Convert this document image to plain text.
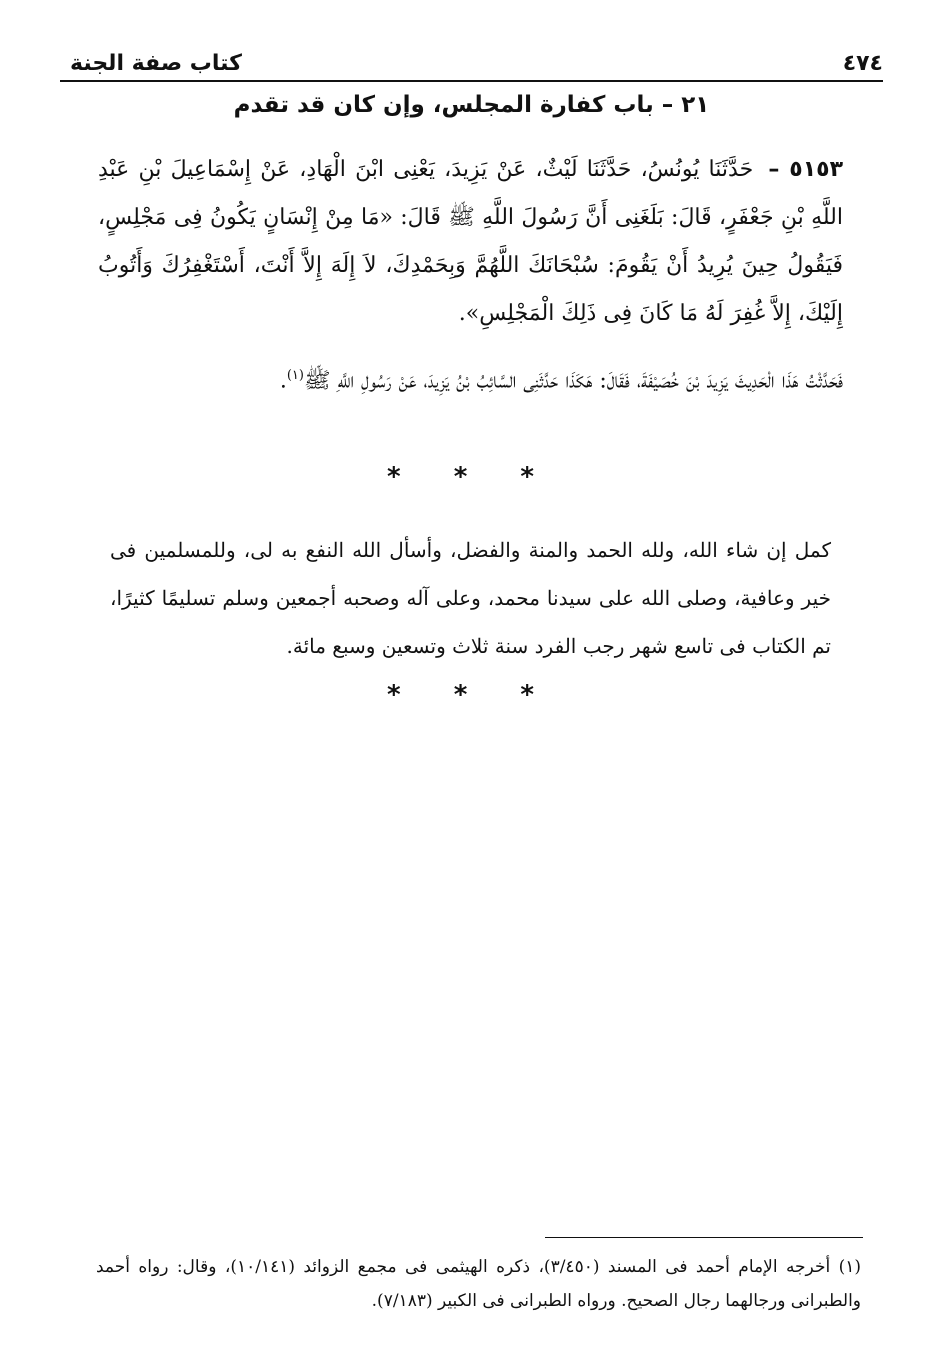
٤٧٤
كتاب صفة الجنة
٢١ – باب كفارة المجلس، وإن كان قد تقدم

٥١٥٣ – حَدَّثَنَا يُونُسُ، حَدَّثَنَا لَيْثٌ، عَنْ يَزِيدَ، يَعْنِى ابْنَ الْهَادِ، عَنْ إِسْمَاعِيلَ بْنِ عَبْدِ اللَّهِ بْنِ جَعْفَرٍ، قَالَ: بَلَغَنِى أَنَّ رَسُولَ اللَّهِ ﷺ قَالَ: «مَا مِنْ إِنْسَانٍ يَكُونُ فِى مَجْلِسٍ، فَيَقُولُ حِينَ يُرِيدُ أَنْ يَقُومَ: سُبْحَانَكَ اللَّهُمَّ وَبِحَمْدِكَ، لاَ إِلَهَ إِلاَّ أَنْتَ، أَسْتَغْفِرُكَ وَأَتُوبُ إِلَيْكَ، إِلاَّ غُفِرَ لَهُ مَا كَانَ فِى ذَلِكَ الْمَجْلِسِ».

فَحَدَّثْتُ هَذَا الْحَدِيثَ يَزِيدَ بْنَ خُصَيْفَةَ، فَقَالَ: هَكَذَا حَدَّثَنِى السَّائِبُ بْنُ يَزِيدَ، عَنْ رَسُولِ اللَّهِ ﷺ$^{(١)}$.

* * *

كمل إن شاء الله، ولله الحمد والمنة والفضل، وأسأل الله النفع به لى، وللمسلمين فى خير وعافية، وصلى الله على سيدنا محمد، وعلى آله وصحبه أجمعين وسلم تسليمًا كثيرًا، تم الكتاب فى تاسع شهر رجب الفرد سنة ثلاث وتسعين وسبع مائة.

* * *

(١) أخرجه الإمام أحمد فى المسند (٣/٤٥٠)، ذكره الهيثمى فى مجمع الزوائد (١٠/١٤١)، وقال: رواه أحمد والطبرانى ورجالهما رجال الصحيح. ورواه الطبرانى فى الكبير (٧/١٨٣).
